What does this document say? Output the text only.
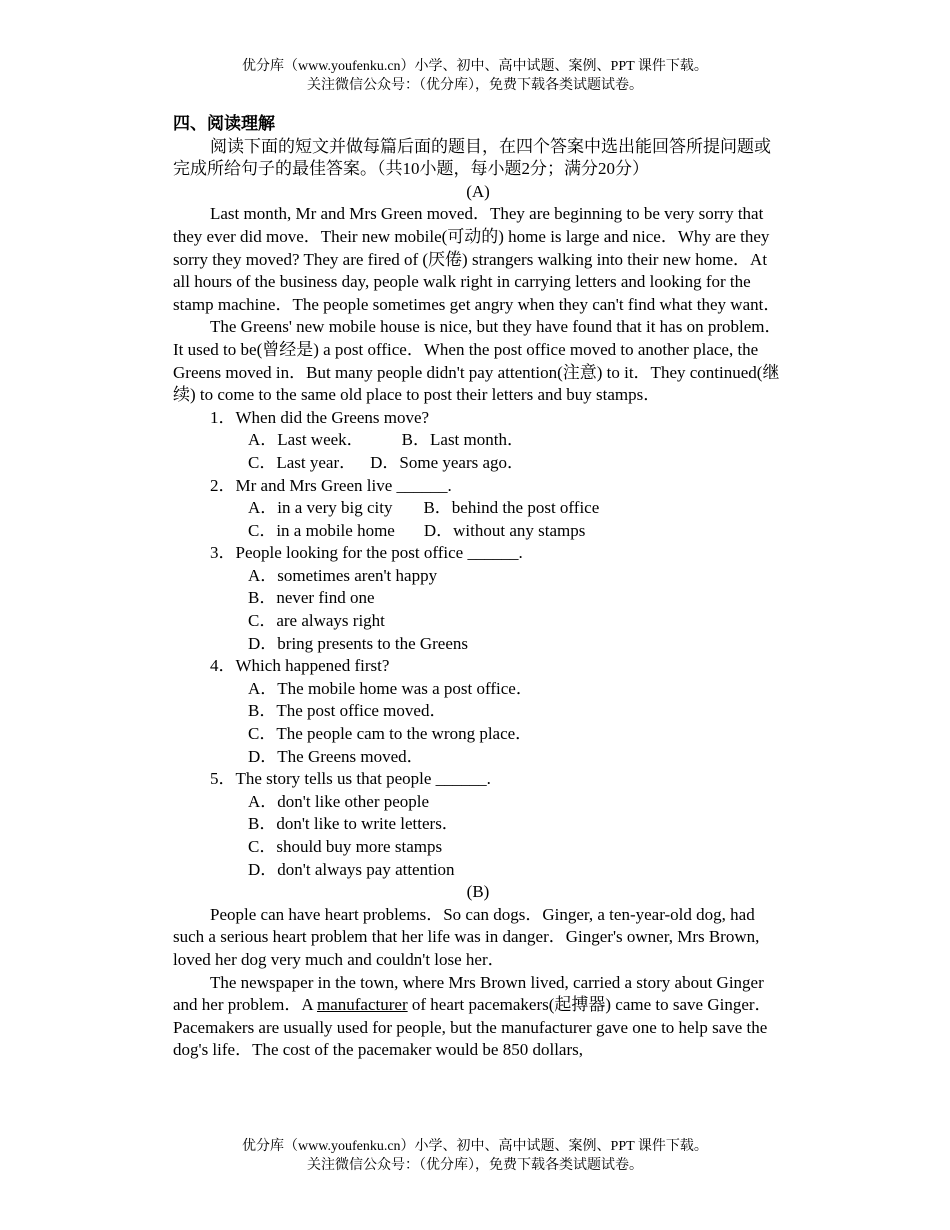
优分库（www.youfenku.cn）小学、初中、高中试题、案例、PPT 课件下载。
关注微信公众号：（优分库），免费下载各类试题试卷。

四、阅读理解

阅读下面的短文并做每篇后面的题目，在四个答案中选出能回答所提问题或完成所给句子的最佳答案。（共10小题，每小题2分；满分20分）

(A)

Last month, Mr and Mrs Green moved．They are beginning to be very sorry that they ever did move．Their new mobile(可动的) home is large and nice．Why are they sorry they moved? They are fired of (厌倦) strangers walking into their new home．At all hours of the business day, people walk right in carrying letters and looking for the stamp machine．The people sometimes get angry when they can't find what they want．

The Greens' new mobile house is nice, but they have found that it has on problem．It used to be(曾经是) a post office．When the post office moved to another place, the Greens moved in．But many people didn't pay attention(注意) to it．They continued(继续) to come to the same old place to post their letters and buy stamps．

1．When did the Greens move?

A．Last week． B．Last month．

C．Last year． D．Some years ago．

2．Mr and Mrs Green live ______.

A．in a very big city B．behind the post office

C．in a mobile home D．without any stamps

3．People looking for the post office ______.

A．sometimes aren't happy

B．never find one

C．are always right

D．bring presents to the Greens

4．Which happened first?

A．The mobile home was a post office．

B．The post office moved．

C．The people cam to the wrong place．

D．The Greens moved．

5．The story tells us that people ______.

A．don't like other people

B．don't like to write letters．

C．should buy more stamps

D．don't always pay attention

(B)

People can have heart problems．So can dogs．Ginger, a ten-year-old dog, had such a serious heart problem that her life was in danger．Ginger's owner, Mrs Brown, loved her dog very much and couldn't lose her．

The newspaper in the town, where Mrs Brown lived, carried a story about Ginger and her problem．A manufacturer of heart pacemakers(起搏器) came to save Ginger．Pacemakers are usually used for people, but the manufacturer gave one to help save the dog's life．The cost of the pacemaker would be 850 dollars,

优分库（www.youfenku.cn）小学、初中、高中试题、案例、PPT 课件下载。
关注微信公众号：（优分库），免费下载各类试题试卷。
